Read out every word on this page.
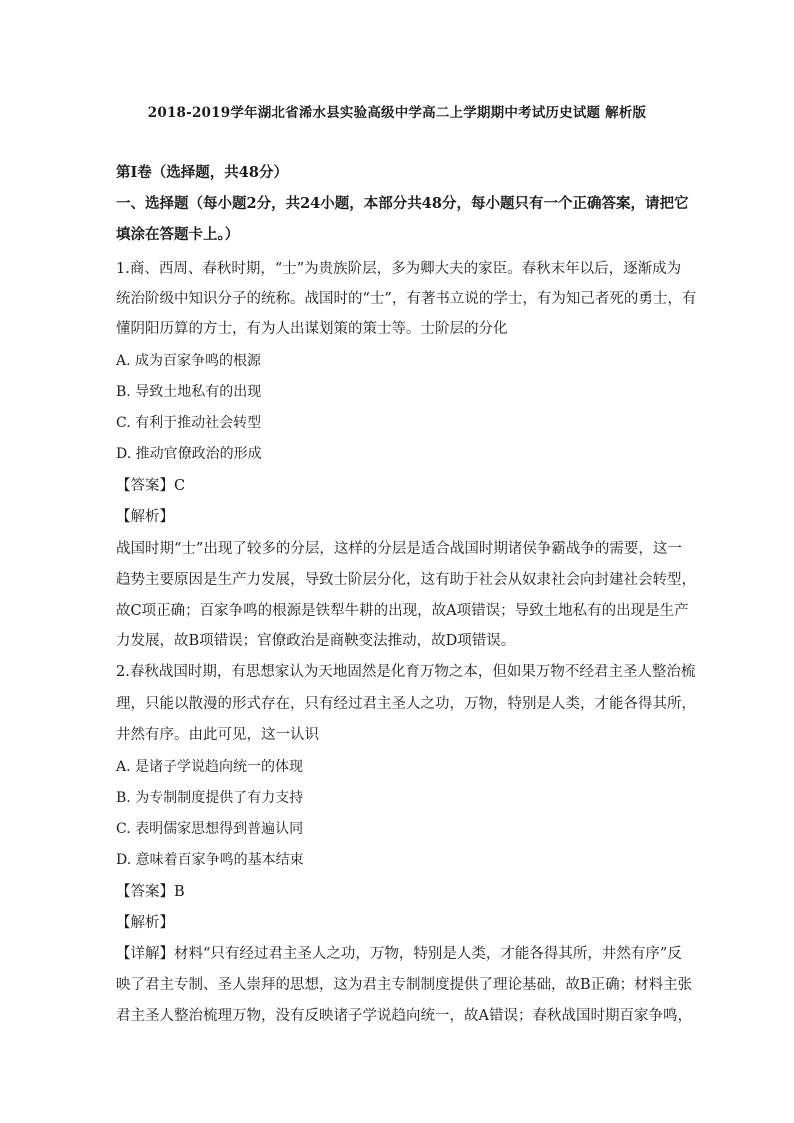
2018-2019学年湖北省浠水县实验高级中学高二上学期期中考试历史试题 解析版
第Ⅰ卷（选择题，共48分）
一、选择题（每小题2分，共24小题，本部分共48分，每小题只有一个正确答案，请把它
填涂在答题卡上。）
1.商、西周、春秋时期，“士”为贵族阶层，多为卿大夫的家臣。春秋末年以后，逐渐成为
统治阶级中知识分子的统称。战国时的“士”，有著书立说的学士，有为知己者死的勇士，有
懂阴阳历算的方士，有为人出谋划策的策士等。士阶层的分化
A. 成为百家争鸣的根源
B. 导致土地私有的出现
C. 有利于推动社会转型
D. 推动官僚政治的形成
【答案】C
【解析】
战国时期“士”出现了较多的分层，这样的分层是适合战国时期诸侯争霸战争的需要，这一
趋势主要原因是生产力发展，导致士阶层分化，这有助于社会从奴隶社会向封建社会转型，
故C项正确；百家争鸣的根源是铁犁牛耕的出现，故A项错误；导致土地私有的出现是生产
力发展，故B项错误；官僚政治是商鞅变法推动，故D项错误。
2.春秋战国时期，有思想家认为天地固然是化育万物之本，但如果万物不经君主圣人整治梳
理，只能以散漫的形式存在，只有经过君主圣人之功，万物，特别是人类，才能各得其所，
井然有序。由此可见，这一认识
A. 是诸子学说趋向统一的体现
B. 为专制制度提供了有力支持
C. 表明儒家思想得到普遍认同
D. 意味着百家争鸣的基本结束
【答案】B
【解析】
【详解】材料“只有经过君主圣人之功，万物，特别是人类，才能各得其所，井然有序”反
映了君主专制、圣人崇拜的思想，这为君主专制制度提供了理论基础，故B正确；材料主张
君主圣人整治梳理万物，没有反映诸子学说趋向统一，故A错误；春秋战国时期百家争鸣，
